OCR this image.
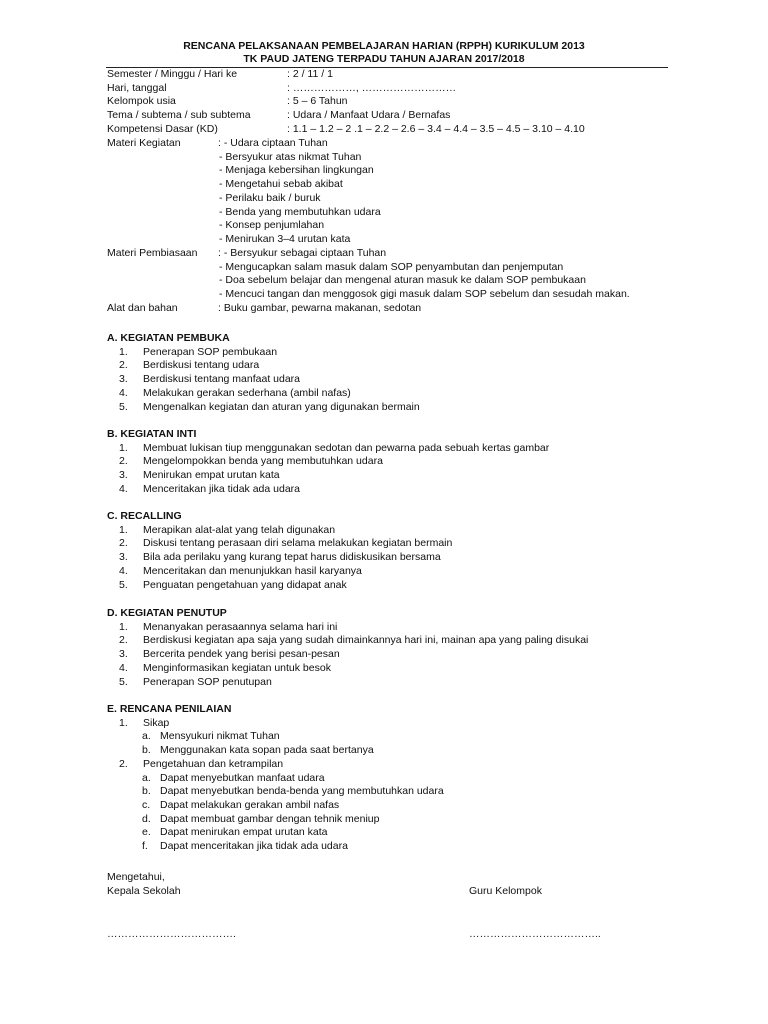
RENCANA PELAKSANAAN PEMBELAJARAN HARIAN (RPPH) KURIKULUM 2013
TK PAUD JATENG TERPADU TAHUN AJARAN 2017/2018
Semester / Minggu / Hari ke	: 2 / 11 / 1
Hari, tanggal	: ………………, ………………………
Kelompok usia	: 5 – 6 Tahun
Tema / subtema / sub subtema	: Udara / Manfaat Udara / Bernafas
Kompetensi Dasar (KD)	: 1.1 – 1.2 – 2 .1 – 2.2 – 2.6 – 3.4 – 4.4 – 3.5 – 4.5 – 3.10 – 4.10
Materi Kegiatan	: - Udara ciptaan Tuhan
- Bersyukur atas nikmat Tuhan
- Menjaga kebersihan lingkungan
- Mengetahui sebab akibat
- Perilaku baik / buruk
- Benda yang membutuhkan udara
- Konsep penjumlahan
- Menirukan 3–4 urutan kata
Materi Pembiasaan	: - Bersyukur sebagai ciptaan Tuhan
- Mengucapkan salam masuk dalam SOP penyambutan dan penjemputan
- Doa sebelum belajar dan mengenal aturan masuk ke dalam SOP pembukaan
- Mencuci tangan dan menggosok gigi masuk dalam SOP sebelum dan sesudah makan.
Alat dan bahan	: Buku gambar, pewarna makanan, sedotan
A. KEGIATAN PEMBUKA
1.	Penerapan SOP pembukaan
2.	Berdiskusi tentang udara
3.	Berdiskusi tentang manfaat udara
4.	Melakukan gerakan sederhana (ambil nafas)
5.	Mengenalkan kegiatan dan aturan yang digunakan bermain
B. KEGIATAN INTI
1.	Membuat lukisan tiup menggunakan sedotan dan pewarna pada sebuah kertas gambar
2.	Mengelompokkan benda yang membutuhkan udara
3.	Menirukan empat urutan kata
4.	Menceritakan jika tidak ada udara
C. RECALLING
1.	Merapikan alat-alat yang telah digunakan
2.	Diskusi tentang perasaan diri selama melakukan kegiatan bermain
3.	Bila ada perilaku yang kurang tepat harus didiskusikan bersama
4.	Menceritakan dan menunjukkan hasil karyanya
5.	Penguatan pengetahuan yang didapat anak
D. KEGIATAN PENUTUP
1.	Menanyakan perasaannya selama hari ini
2.	Berdiskusi kegiatan apa saja yang sudah dimainkannya hari ini, mainan apa yang paling disukai
3.	Bercerita pendek yang berisi pesan-pesan
4.	Menginformasikan kegiatan untuk besok
5.	Penerapan SOP penutupan
E. RENCANA PENILAIAN
1.	Sikap
a. Mensyukuri nikmat Tuhan
b. Menggunakan kata sopan pada saat bertanya
2.	Pengetahuan dan ketrampilan
a. Dapat menyebutkan manfaat udara
b. Dapat menyebutkan benda-benda yang membutuhkan udara
c. Dapat melakukan gerakan ambil nafas
d. Dapat membuat gambar dengan tehnik meniup
e. Dapat menirukan empat urutan kata
f.	Dapat menceritakan jika tidak ada udara
Mengetahui,
Kepala Sekolah	Guru Kelompok
……………………………….	………………………………..
